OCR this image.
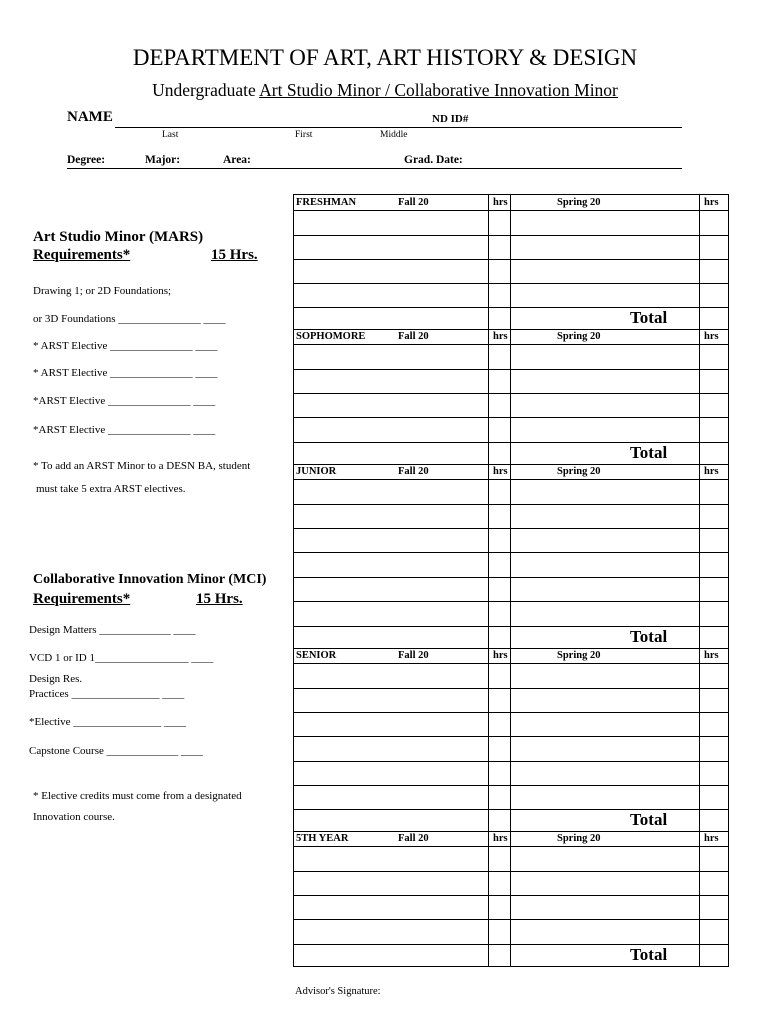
DEPARTMENT OF ART, ART HISTORY & DESIGN
Undergraduate Art Studio Minor / Collaborative Innovation Minor
NAME	ND ID#
Last	First	Middle
Degree:	Major:	Area:	Grad. Date:
Art Studio Minor (MARS)
Requirements*	15 Hrs.
Drawing 1; or 2D Foundations;
or 3D Foundations _______________ ____
* ARST Elective _______________ ____
* ARST Elective _______________ ____
*ARST Elective _______________ ____
*ARST Elective _______________ ____
* To add an ARST Minor to a DESN BA, student
must take 5 extra ARST electives.
Collaborative Innovation Minor (MCI)
Requirements*	15 Hrs.
Design Matters _____________ ____
VCD 1 or ID 1_________________ ____
Design Res.
Practices ________________ ____
*Elective ________________ ____
Capstone Course _____________ ____
* Elective credits must come from a designated
Innovation course.
FRESHMAN	Fall 20	hrs	Spring 20	hrs
Total
SOPHOMORE	Fall 20	hrs	Spring 20	hrs
Total
JUNIOR	Fall 20	hrs	Spring 20	hrs
Total
SENIOR	Fall 20	hrs	Spring 20	hrs
Total
5TH YEAR	Fall 20	hrs	Spring 20	hrs
Total
Advisor's Signature:
